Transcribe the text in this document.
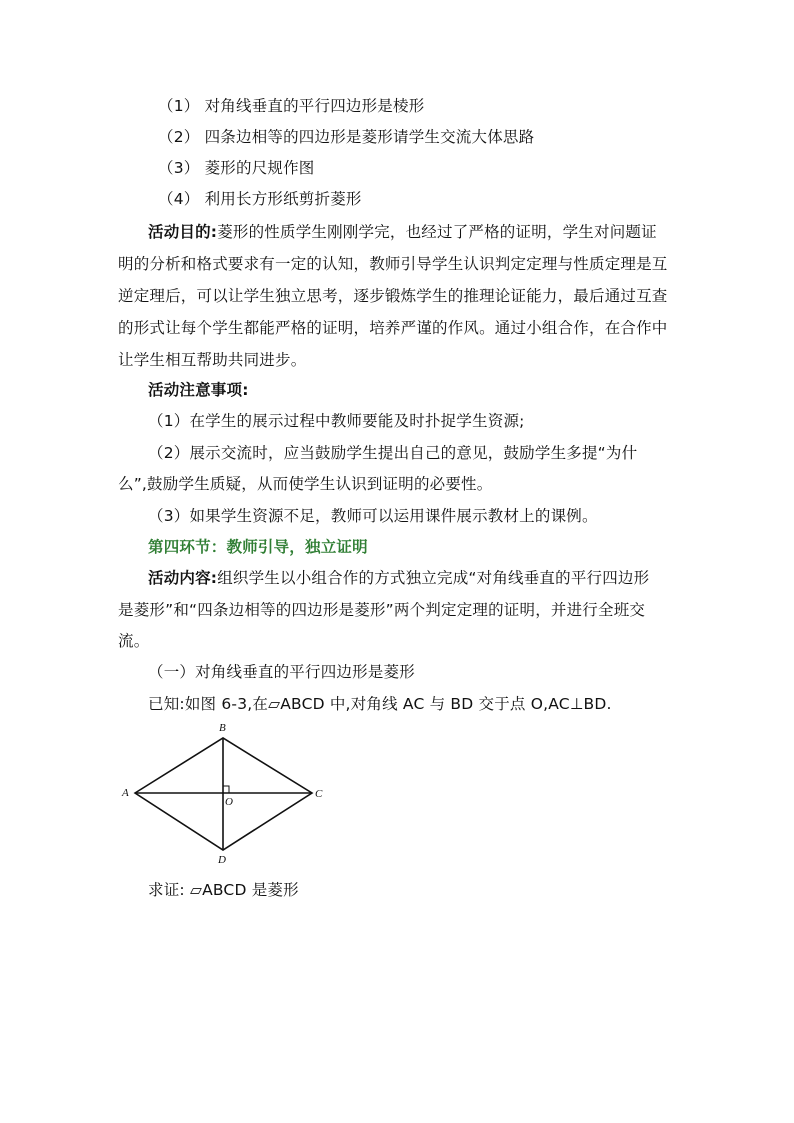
（1） 对角线垂直的平行四边形是棱形
（2） 四条边相等的四边形是菱形请学生交流大体思路
（3） 菱形的尺规作图
（4） 利用长方形纸剪折菱形
活动目的:菱形的性质学生刚刚学完，也经过了严格的证明，学生对问题证
明的分析和格式要求有一定的认知，教师引导学生认识判定定理与性质定理是互
逆定理后，可以让学生独立思考，逐步锻炼学生的推理论证能力，最后通过互查
的形式让每个学生都能严格的证明，培养严谨的作风。通过小组合作，在合作中
让学生相互帮助共同进步。
活动注意事项:
（1）在学生的展示过程中教师要能及时扑捉学生资源;
（2）展示交流时，应当鼓励学生提出自己的意见，鼓励学生多提“为什
么”,鼓励学生质疑，从而使学生认识到证明的必要性。
（3）如果学生资源不足，教师可以运用课件展示教材上的课例。
第四环节：教师引导，独立证明
活动内容:组织学生以小组合作的方式独立完成“对角线垂直的平行四边形
是菱形”和“四条边相等的四边形是菱形”两个判定定理的证明，并进行全班交
流。
（一）对角线垂直的平行四边形是菱形
已知:如图 6-3,在▱ABCD 中,对角线 AC 与 BD 交于点 O,AC⊥BD.
A
B
C
D
O
求证: ▱ABCD 是菱形
